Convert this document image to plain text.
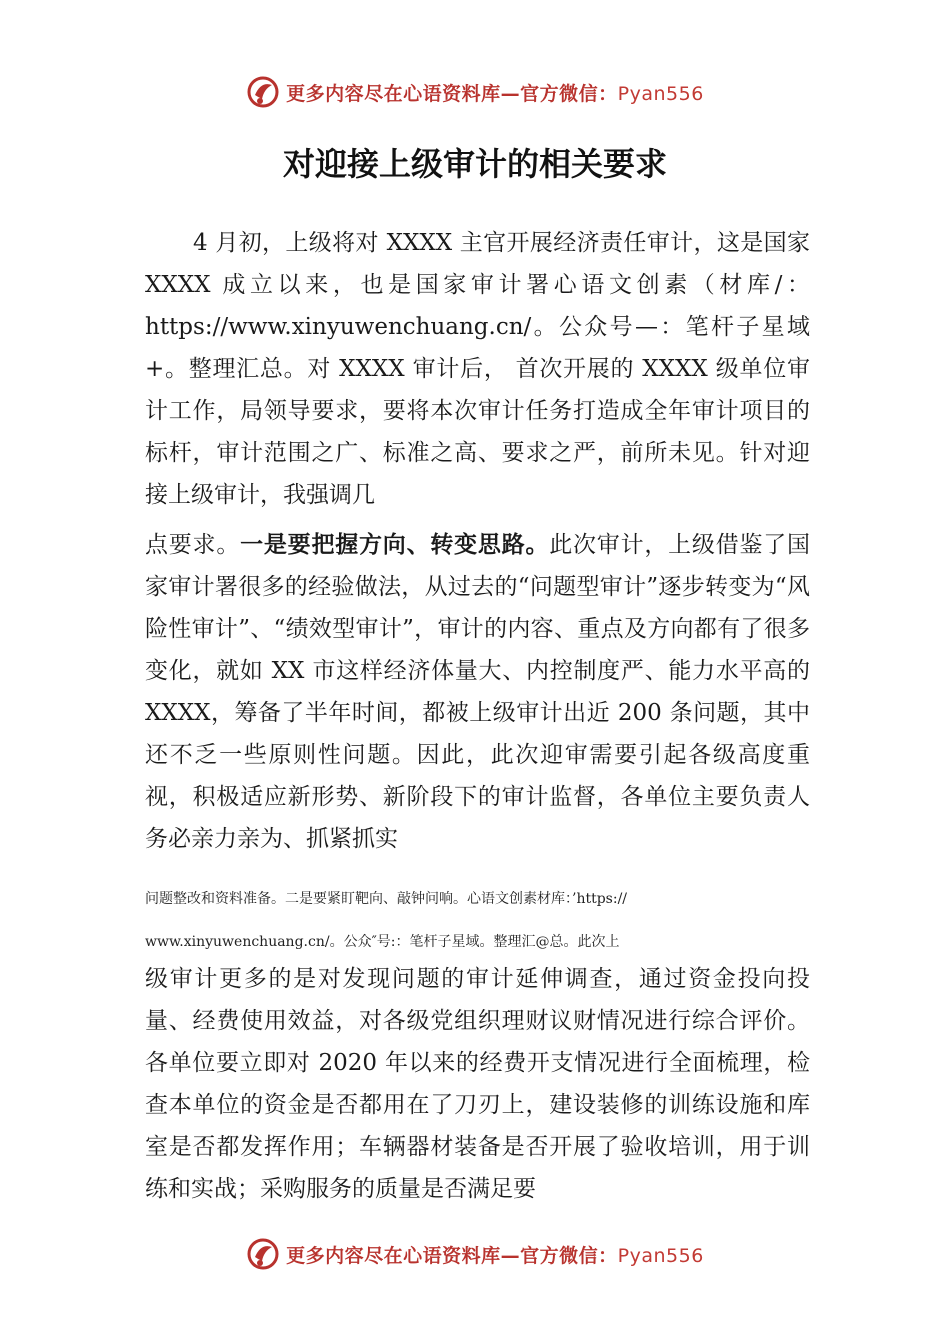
更多内容尽在心语资料库—官方微信：Pyan556
对迎接上级审计的相关要求

4 月初，上级将对 XXXX 主官开展经济责任审计，这是国家 XXXX 成立以来，也是国家审计署心语文创素（材库/：https://www.xinyuwenchuang.cn/。公众号—：笔杆子星域+。整理汇总。对 XXXX 审计后， 首次开展的 XXXX 级单位审计工作，局领导要求，要将本次审计任务打造成全年审计项目的标杆，审计范围之广、标准之高、要求之严，前所未见。针对迎接上级审计，我强调几

点要求。一是要把握方向、转变思路。此次审计，上级借鉴了国家审计署很多的经验做法，从过去的“问题型审计”逐步转变为“风险性审计”、“绩效型审计”，审计的内容、重点及方向都有了很多变化，就如 XX 市这样经济体量大、内控制度严、能力水平高的 XXXX，筹备了半年时间，都被上级审计出近 200 条问题，其中还不乏一些原则性问题。因此，此次迎审需要引起各级高度重视，积极适应新形势、新阶段下的审计监督，各单位主要负责人务必亲力亲为、抓紧抓实

问题整改和资料准备。二是要紧盯靶向、敲钟问响。心语文创素材库：’https://
www.xinyuwenchuang.cn/。公众″号:：笔杆子星域。整理汇@总。此次上

级审计更多的是对发现问题的审计延伸调查，通过资金投向投量、经费使用效益，对各级党组织理财议财情况进行综合评价。各单位要立即对 2020 年以来的经费开支情况进行全面梳理，检查本单位的资金是否都用在了刀刃上，建设装修的训练设施和库室是否都发挥作用；车辆器材装备是否开展了验收培训，用于训练和实战；采购服务的质量是否满足要

更多内容尽在心语资料库—官方微信：Pyan556
